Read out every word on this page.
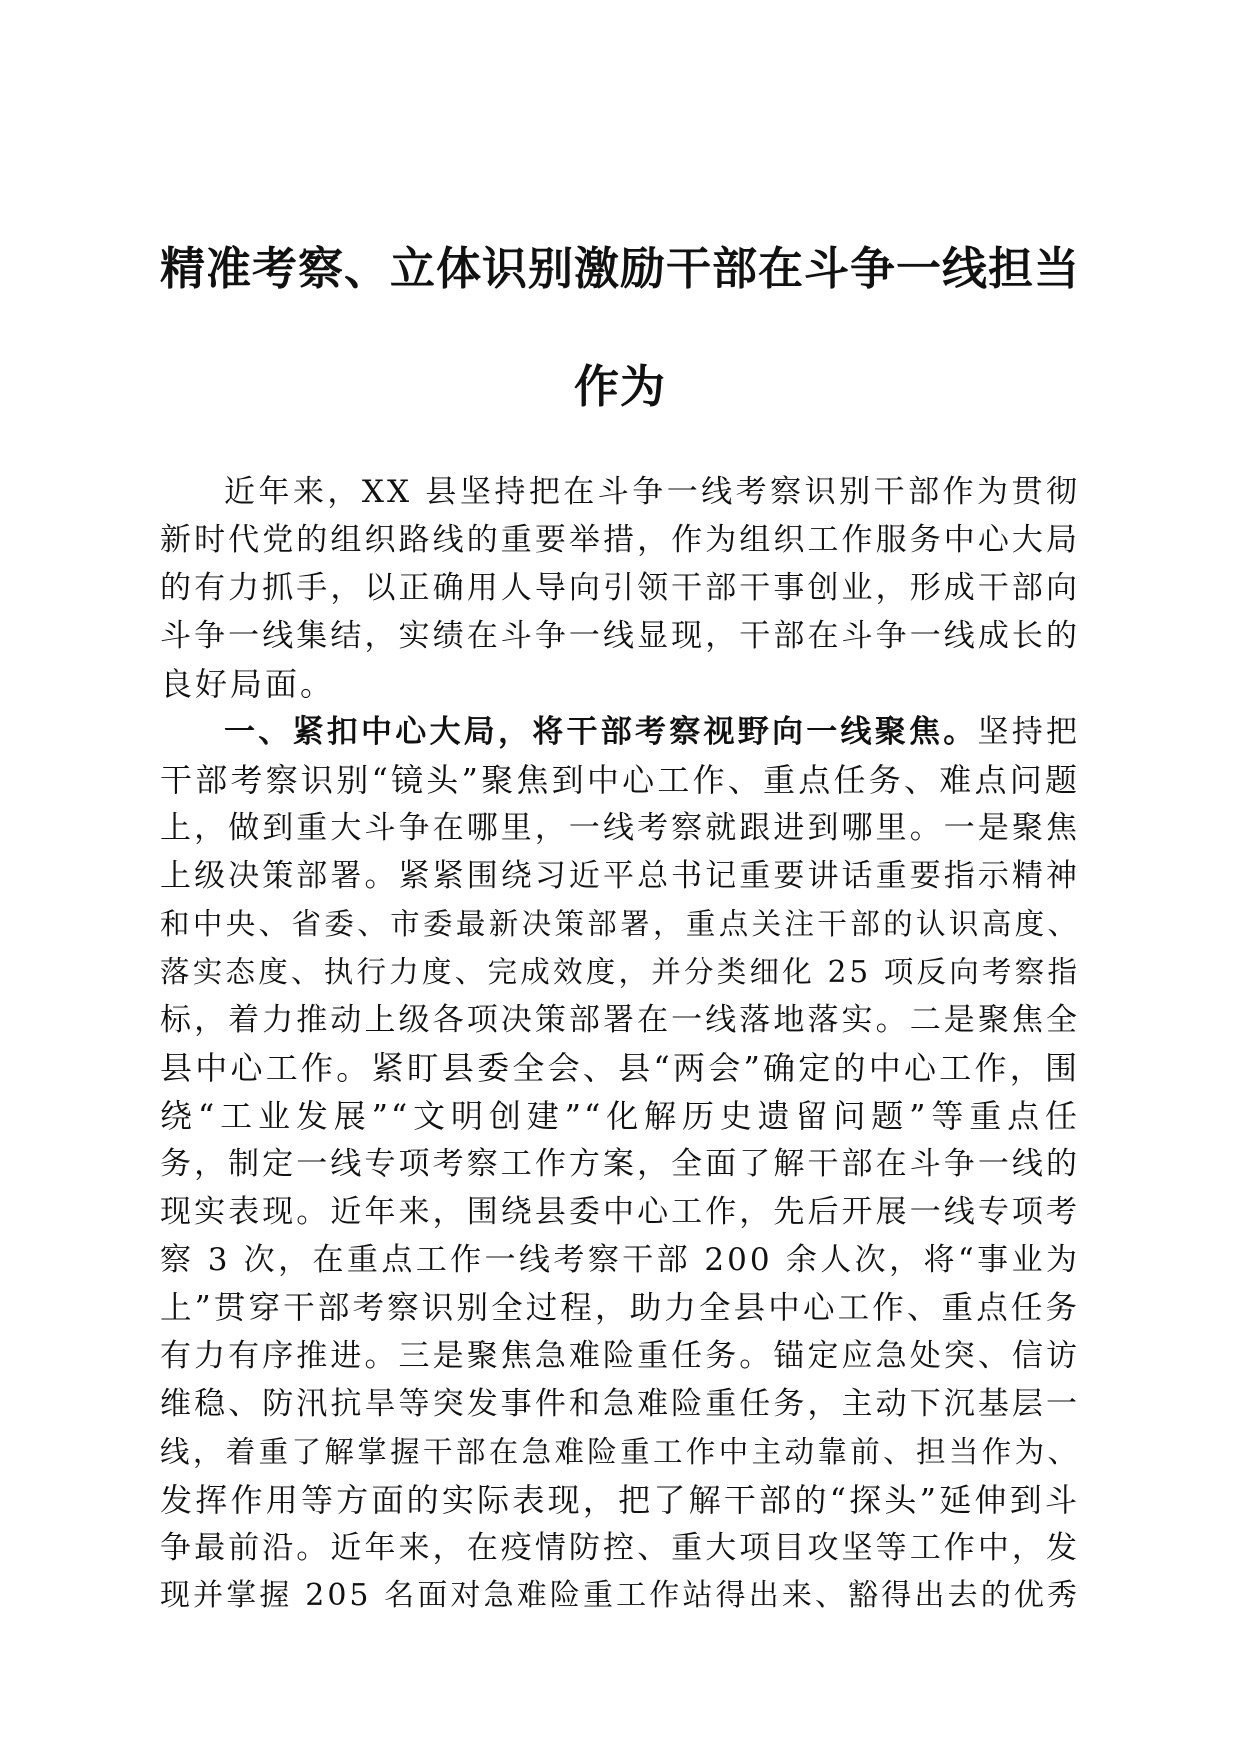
精准考察、立体识别激励干部在斗争一线担当
作为
近年来，XX 县坚持把在斗争一线考察识别干部作为贯彻
新时代党的组织路线的重要举措，作为组织工作服务中心大局
的有力抓手，以正确用人导向引领干部干事创业，形成干部向
斗争一线集结，实绩在斗争一线显现，干部在斗争一线成长的
良好局面。
一、紧扣中心大局，将干部考察视野向一线聚焦。坚持把
干部考察识别“镜头”聚焦到中心工作、重点任务、难点问题
上，做到重大斗争在哪里，一线考察就跟进到哪里。一是聚焦
上级决策部署。紧紧围绕习近平总书记重要讲话重要指示精神
和中央、省委、市委最新决策部署，重点关注干部的认识高度、
落实态度、执行力度、完成效度，并分类细化 25 项反向考察指
标，着力推动上级各项决策部署在一线落地落实。二是聚焦全
县中心工作。紧盯县委全会、县“两会”确定的中心工作，围
绕“工业发展”“文明创建”“化解历史遗留问题”等重点任
务，制定一线专项考察工作方案，全面了解干部在斗争一线的
现实表现。近年来，围绕县委中心工作，先后开展一线专项考
察 3 次，在重点工作一线考察干部 200 余人次，将“事业为
上”贯穿干部考察识别全过程，助力全县中心工作、重点任务
有力有序推进。三是聚焦急难险重任务。锚定应急处突、信访
维稳、防汛抗旱等突发事件和急难险重任务，主动下沉基层一
线，着重了解掌握干部在急难险重工作中主动靠前、担当作为、
发挥作用等方面的实际表现，把了解干部的“探头”延伸到斗
争最前沿。近年来，在疫情防控、重大项目攻坚等工作中，发
现并掌握 205 名面对急难险重工作站得出来、豁得出去的优秀
